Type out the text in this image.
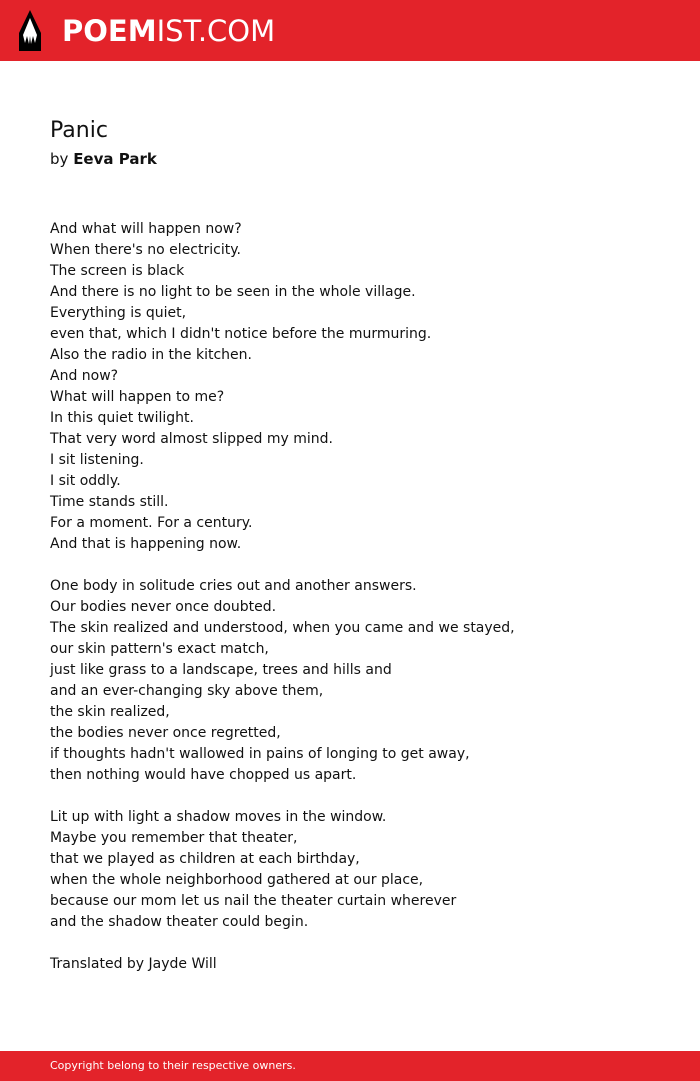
POEMIST.COM
Panic
by Eeva Park
And what will happen now?
When there's no electricity.
The screen is black
And there is no light to be seen in the whole village.
Everything is quiet,
even that, which I didn't notice before the murmuring.
Also the radio in the kitchen.
And now?
What will happen to me?
In this quiet twilight.
That very word almost slipped my mind.
I sit listening.
I sit oddly.
Time stands still.
For a moment. For a century.
And that is happening now.
One body in solitude cries out and another answers.
Our bodies never once doubted.
The skin realized and understood, when you came and we stayed,
our skin pattern's exact match,
just like grass to a landscape, trees and hills and
and an ever-changing sky above them,
the skin realized,
the bodies never once regretted,
if thoughts hadn't wallowed in pains of longing to get away,
then nothing would have chopped us apart.
Lit up with light a shadow moves in the window.
Maybe you remember that theater,
that we played as children at each birthday,
when the whole neighborhood gathered at our place,
because our mom let us nail the theater curtain wherever
and the shadow theater could begin.
Translated by Jayde Will
Copyright belong to their respective owners.
